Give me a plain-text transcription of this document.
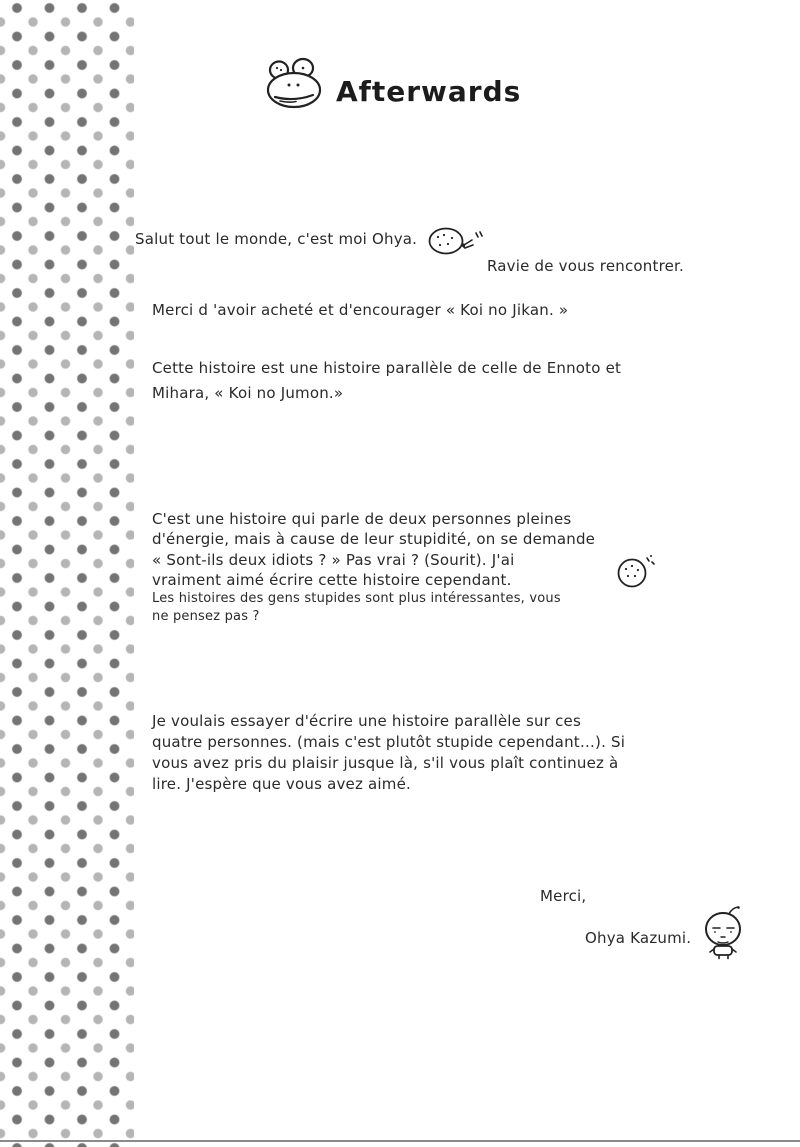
Afterwards
Salut tout le monde, c'est moi Ohya.
Ravie de vous rencontrer.
Merci d 'avoir acheté et d'encourager « Koi no Jikan. »
Cette histoire est une histoire parallèle de celle de Ennoto et
Mihara, « Koi no Jumon.»
C'est une histoire qui parle de deux personnes pleines
d'énergie, mais à cause de leur stupidité, on se demande
« Sont-ils deux idiots ? » Pas vrai ? (Sourit). J'ai
vraiment aimé écrire cette histoire cependant.
Les histoires des gens stupides sont plus intéressantes, vous
ne pensez pas ?
Je voulais essayer d'écrire une histoire parallèle sur ces
quatre personnes. (mais c'est plutôt stupide cependant…). Si
vous avez pris du plaisir jusque là, s'il vous plaît continuez à
lire. J'espère que vous avez aimé.
Merci,
Ohya Kazumi.
